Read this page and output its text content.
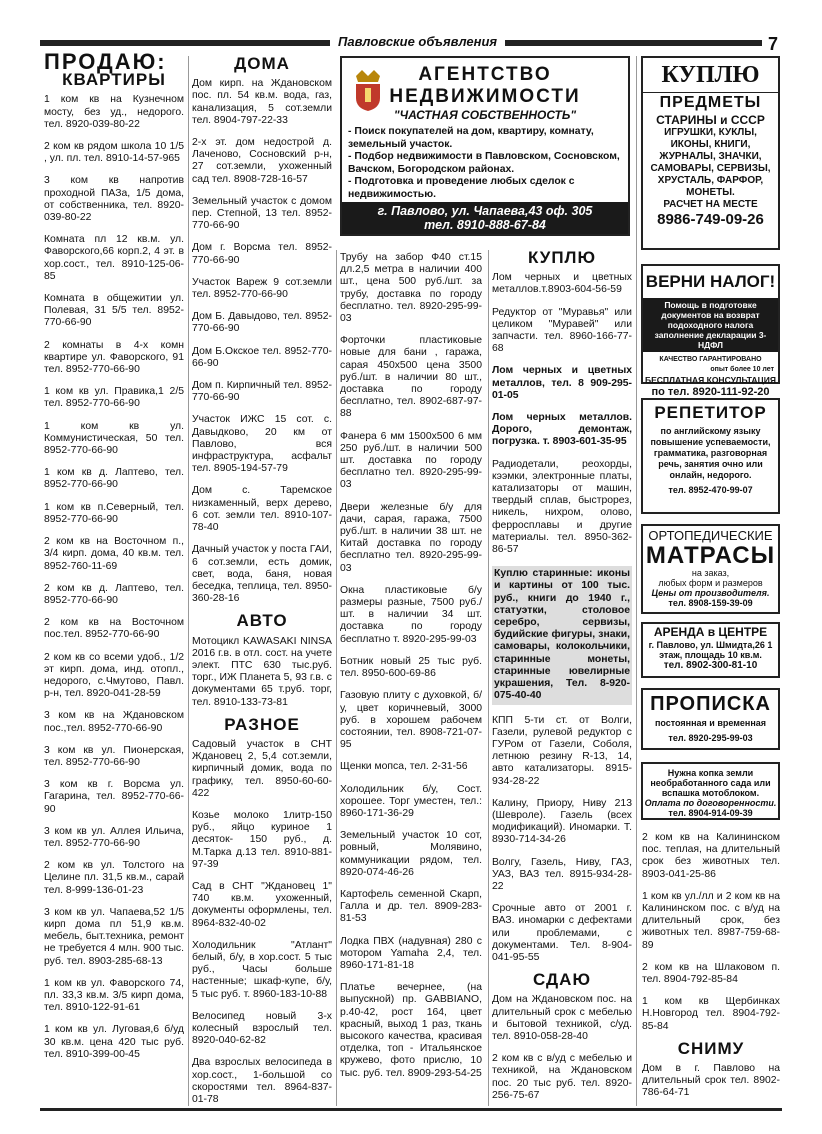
Павловские объявления	7
ПРОДАЮ:
КВАРТИРЫ

1 ком кв на Кузнечном мосту, без уд., недорого. тел. 8920-039-80-22

2 ком кв рядом школа 10 1/5 , ул. пл. тел. 8910-14-57-965

3 ком кв напротив проходной ПАЗа, 1/5 дома, от собственника, тел. 8920-039-80-22

Комната пл 12 кв.м. ул. Фаворского,66 корп.2, 4 эт. в хор.сост., тел. 8910-125-06-85

Комната в общежитии ул. Полевая, 31 5/5 тел. 8952-770-66-90

2 комнаты в 4-х комн квартире ул. Фаворского, 91 тел. 8952-770-66-90

1 ком кв ул. Правика,1 2/5 тел. 8952-770-66-90

1 ком кв ул. Коммунистическая, 50 тел. 8952-770-66-90

1 ком кв д. Лаптево, тел. 8952-770-66-90

1 ком кв п.Северный, тел. 8952-770-66-90

2 ком кв на Восточном п., 3/4 кирп. дома, 40 кв.м. тел. 8952-760-11-69

2 ком кв д. Лаптево, тел. 8952-770-66-90

2 ком кв на Восточном пос.тел. 8952-770-66-90

2 ком кв со всеми удоб., 1/2 эт кирп. дома, инд. отопл., недорого, с.Чмутово, Павл. р-н, тел. 8920-041-28-59

3 ком кв на Ждановском пос.,тел. 8952-770-66-90

3 ком кв ул. Пионерская, тел. 8952-770-66-90

3 ком кв г. Ворсма ул. Гагарина, тел. 8952-770-66-90

3 ком кв ул. Аллея Ильича, тел. 8952-770-66-90

2 ком кв ул. Толстого на Целине пл. 31,5 кв.м., сарай тел. 8-999-136-01-23

3 ком кв ул. Чапаева,52 1/5 кирп дома пл 51,9 кв.м. мебель, быт.техника, ремонт не требуется 4 млн. 900 тыс. руб. тел. 8903-285-68-13

1 ком кв ул. Фаворского 74, пл. 33,3 кв.м. 3/5 кирп дома, тел. 8910-122-91-61

1 ком кв ул. Луговая,6 б/уд 30 кв.м. цена 420 тыс руб. тел. 8910-399-00-45

ДОМА

Дом кирп. на Ждановском пос. пл. 54 кв.м. вода, газ, канализация, 5 сот.земли тел. 8904-797-22-33

2-х эт. дом недострой д. Лаченово, Сосновский р-н, 27 сот.земли, ухоженный сад тел. 8908-728-16-57

Земельный участок с домом пер. Степной, 13 тел. 8952-770-66-90

Дом г. Ворсма тел. 8952-770-66-90

Участок Вареж 9 сот.земли тел. 8952-770-66-90

Дом Б. Давыдово, тел. 8952-770-66-90

Дом Б.Окское тел. 8952-770-66-90

Дом п. Кирпичный тел. 8952-770-66-90

Участок ИЖС 15 сот. с. Давыдково, 20 км от Павлово, вся инфраструктура, асфальт тел. 8905-194-57-79

Дом с. Таремское низкаменный, верх дерево, 6 сот. земли тел. 8910-107-78-40

Дачный участок у поста ГАИ, 6 сот.земли, есть домик, свет, вода, баня, новая беседка, теплица, тел. 8950-360-28-16

АВТО

Мотоцикл KAWASAKI NINSA 2016 г.в. в отл. сост. на учете элект. ПТС 630 тыс.руб. торг., ИЖ Планета 5, 93 г.в. с документами 65 т.руб. торг, тел. 8910-133-73-81

РАЗНОЕ

Садовый участок в СНТ Ждановец 2, 5,4 сот.земли, кирпичный домик, вода по графику, тел. 8950-60-60-422

Козье молоко 1литр-150 руб., яйцо куриное 1 десяток- 150 руб., д. М.Тарка д.13 тел. 8910-881-97-39

Сад в СНТ "Ждановец 1" 740 кв.м. ухоженный, документы оформлены, тел. 8964-832-40-02

Холодильник "Атлант" белый, б/у, в хор.сост. 5 тыс руб., Часы больше настенные; шкаф-купе, б/у, 5 тыс руб. т. 8960-183-10-88

Велосипед новый 3-х колесный взрослый тел. 8920-040-62-82

Два взрослых велосипеда в хор.сост., 1-большой со скоростями тел. 8964-837-01-78

АГЕНТСТВО
НЕДВИЖИМОСТИ
"ЧАСТНАЯ СОБСТВЕННОСТЬ"
- Поиск покупателей на дом, квартиру, комнату, земельный участок.
- Подбор недвижимости в Павловском, Сосновском, Вачском, Богородском районах.
- Подготовка и проведение любых сделок с недвижимостью.
г. Павлово, ул. Чапаева,43 оф. 305
тел. 8910-888-67-84

Трубу на забор Ф40 ст.15 дл.2,5 метра в наличии 400 шт., цена 500 руб./шт. за трубу, доставка по городу бесплатно. тел. 8920-295-99-03

Форточки пластиковые новые для бани , гаража, сарая 450х500 цена 3500 руб./шт. в наличии 80 шт., доставка по городу бесплатно, тел. 8902-687-97-88

Фанера 6 мм 1500х500 6 мм 250 руб./шт. в наличии 500 шт. доставка по городу бесплатно тел. 8920-295-99-03

Двери железные б/у для дачи, сарая, гаража, 7500 руб./шт. в наличии 38 шт. не Китай доставка по городу бесплатно тел. 8920-295-99-03

Окна пластиковые б/у размеры разные, 7500 руб./шт. в наличии 34 шт. доставка по городу бесплатно т. 8920-295-99-03

Ботник новый 25 тыс руб. тел. 8950-600-69-86

Газовую плиту с духовкой, б/у, цвет коричневый, 3000 руб. в хорошем рабочем состоянии, тел. 8908-721-07-95

Щенки мопса, тел. 2-31-56

Холодильник б/у, Сост. хорошее. Торг уместен, тел.: 8960-171-36-29

Земельный участок 10 сот, ровный, Молявино, коммуникации рядом, тел. 8920-074-46-26

Картофель семенной Скарп, Галла и др. тел. 8909-283-81-53

Лодка ПВХ (надувная) 280 с мотором Yamaha 2,4, тел. 8960-171-81-18

Платье вечернее, (на выпускной) пр. GABBIANO, р.40-42, рост 164, цвет красный, выход 1 раз, ткань высокого качества, красивая отделка, топ - Итальянское кружево, фото прислю, 10 тыс. руб. тел. 8909-293-54-25

КУПЛЮ

Лом черных и цветных металлов.т.8903-604-56-59

Редуктор от "Муравья" или целиком "Муравей" или запчасти. тел. 8960-166-77-68

Лом черных и цветных металлов, тел. 8 909-295-01-05

Лом черных металлов. Дорого, демонтаж, погрузка. т. 8903-601-35-95

Радиодетали, реохорды, кээмки, электронные платы, катализаторы от машин, твердый сплав, быстрорез, никель, нихром, олово, ферросплавы и другие материалы. тел. 8950-362-86-57

Куплю старинные: иконы и картины от 100 тыс. руб., книги до 1940 г., статуэтки, столовое серебро, сервизы, будийские фигуры, знаки, самовары, колокольчики, старинные монеты, старинные ювелирные украшения, Тел. 8-920-075-40-40

КПП 5-ти ст. от Волги, Газели, рулевой редуктор с ГУРом от Газели, Соболя, летнюю резину R-13, 14, авто катализаторы. 8915-934-28-22

Калину, Приору, Ниву 213 (Шевроле). Газель (всех модификаций). Иномарки. Т. 8930-714-34-26

Волгу, Газель, Ниву, ГАЗ, УАЗ, ВАЗ тел. 8915-934-28-22

Срочные авто от 2001 г. ВАЗ. иномарки с дефектами или проблемами, с документами. Тел. 8-904-041-95-55

СДАЮ

Дом на Ждановском пос. на длительный срок с мебелью и бытовой техникой, с/уд. тел. 8910-058-28-40

2 ком кв с в/уд с мебелью и техникой, на Ждановском пос. 20 тыс руб. тел. 8920-256-75-67

КУПЛЮ
ПРЕДМЕТЫ
СТАРИНЫ и СССР
ИГРУШКИ, КУКЛЫ, ИКОНЫ, КНИГИ, ЖУРНАЛЫ, ЗНАЧКИ, САМОВАРЫ, СЕРВИЗЫ, ХРУСТАЛЬ, ФАРФОР, МОНЕТЫ.
РАСЧЕТ НА МЕСТЕ
8986-749-09-26
ВЕРНИ НАЛОГ!
Помощь в подготовке документов на возврат подоходного налога заполнение декларации 3-НДФЛ
КАЧЕСТВО ГАРАНТИРОВАНО
опыт более 10 лет
БЕСПЛАТНАЯ КОНСУЛЬТАЦИЯ
по тел. 8920-111-92-20
РЕПЕТИТОР
по английскому языку повышение успеваемости, грамматика, разговорная речь, занятия очно или онлайн, недорого.
тел. 8952-470-99-07
ОРТОПЕДИЧЕСКИЕ
МАТРАСЫ
на заказ,
любых форм и размеров
Цены от производителя.
тел. 8908-159-39-09
АРЕНДА в ЦЕНТРЕ
г. Павлово, ул. Шмидта,26 1 этаж, площадь 10 кв.м.
тел. 8902-300-81-10
ПРОПИСКА
постоянная и временная
тел. 8920-295-99-03
Нужна копка земли необработанного сада или вспашка мотоблоком.
Оплата по договоренности.
тел. 8904-914-09-39

2 ком кв на Калининском пос. теплая, на длительный срок без животных тел. 8903-041-25-86

1 ком кв ул./лл и 2 ком кв на Калининском пос. с в/уд на длительный срок, без животных тел. 8987-759-68-89

2 ком кв на Шлаковом п. тел. 8904-792-85-84

1 ком кв Щербинках Н.Новгород тел. 8904-792-85-84

СНИМУ

Дом в г. Павлово на длительный срок тел. 8902-786-64-71
